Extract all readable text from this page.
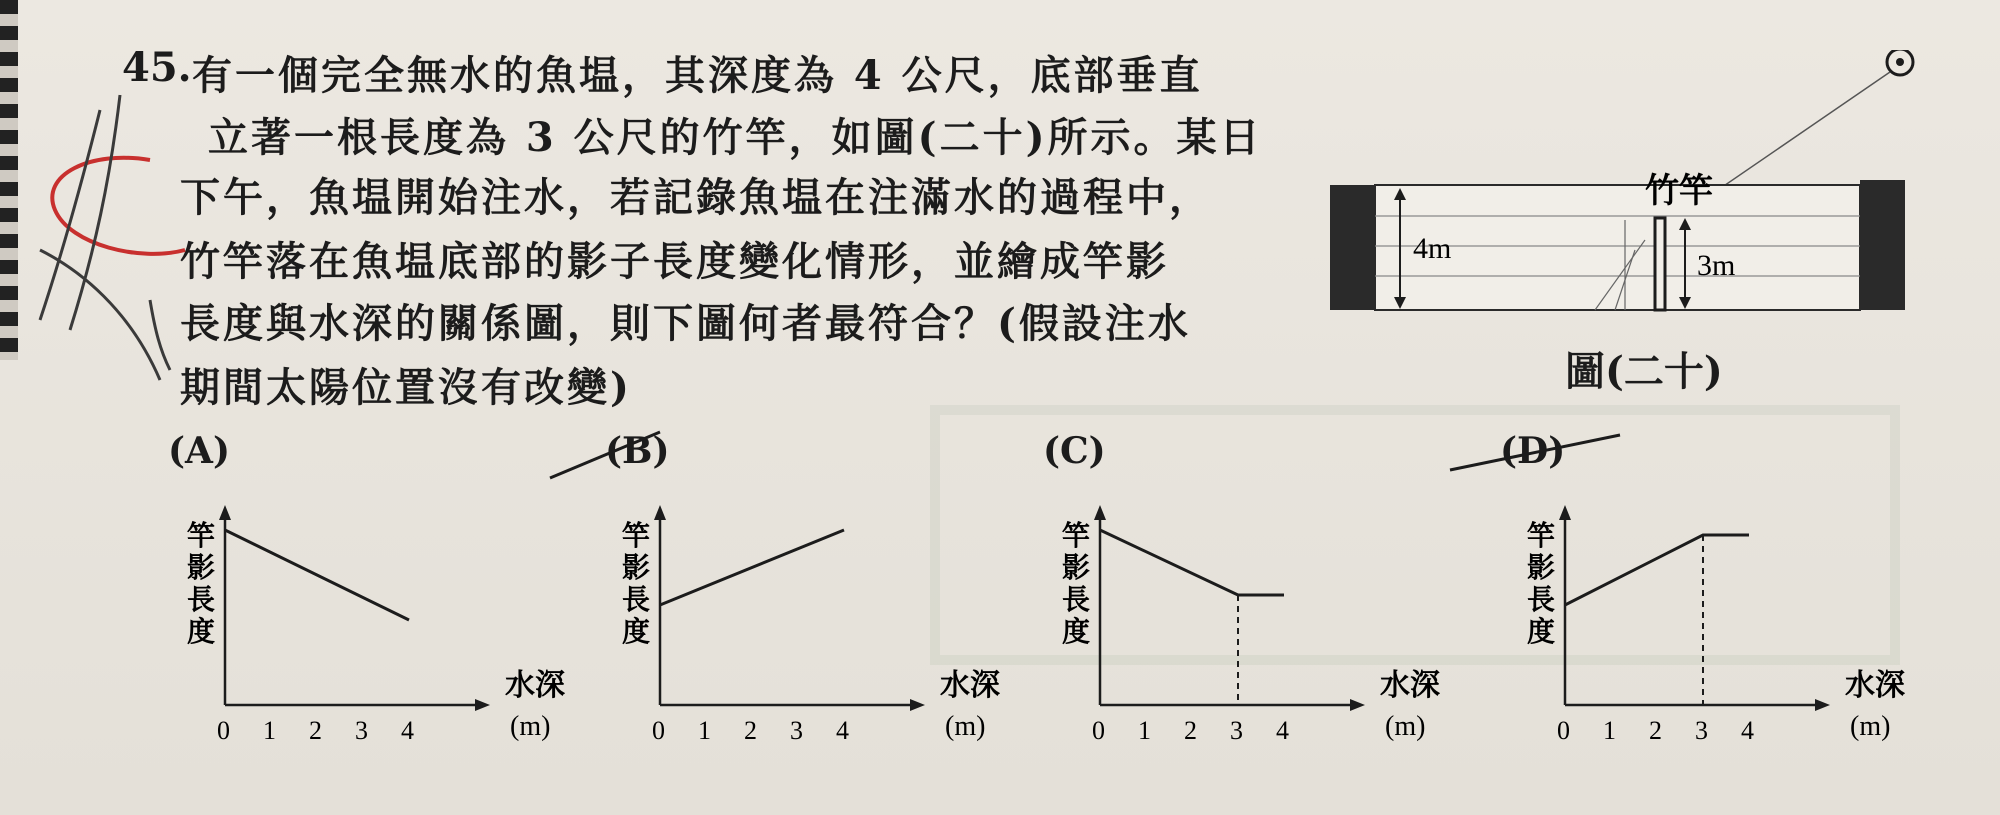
45. 有一個完全無水的魚塭，其深度為 4 公尺，底部垂直
立著一根長度為 3 公尺的竹竿，如圖(二十)所示。某日
下午，魚塭開始注水，若記錄魚塭在注滿水的過程中，
竹竿落在魚塭底部的影子長度變化情形，並繪成竿影
長度與水深的關係圖，則下圖何者最符合？(假設注水
期間太陽位置沒有改變)
4m
3m
竹竿
圖(二十)
(A)	(B)	(C)	(D)
竿
影
長
度
0 1 2 3 4
水深
(m)
竿
影
長
度
0 1 2 3 4
水深
(m)
竿
影
長
度
0 1 2 3 4
水深
(m)
竿
影
長
度
0 1 2 3 4
水深
(m)
